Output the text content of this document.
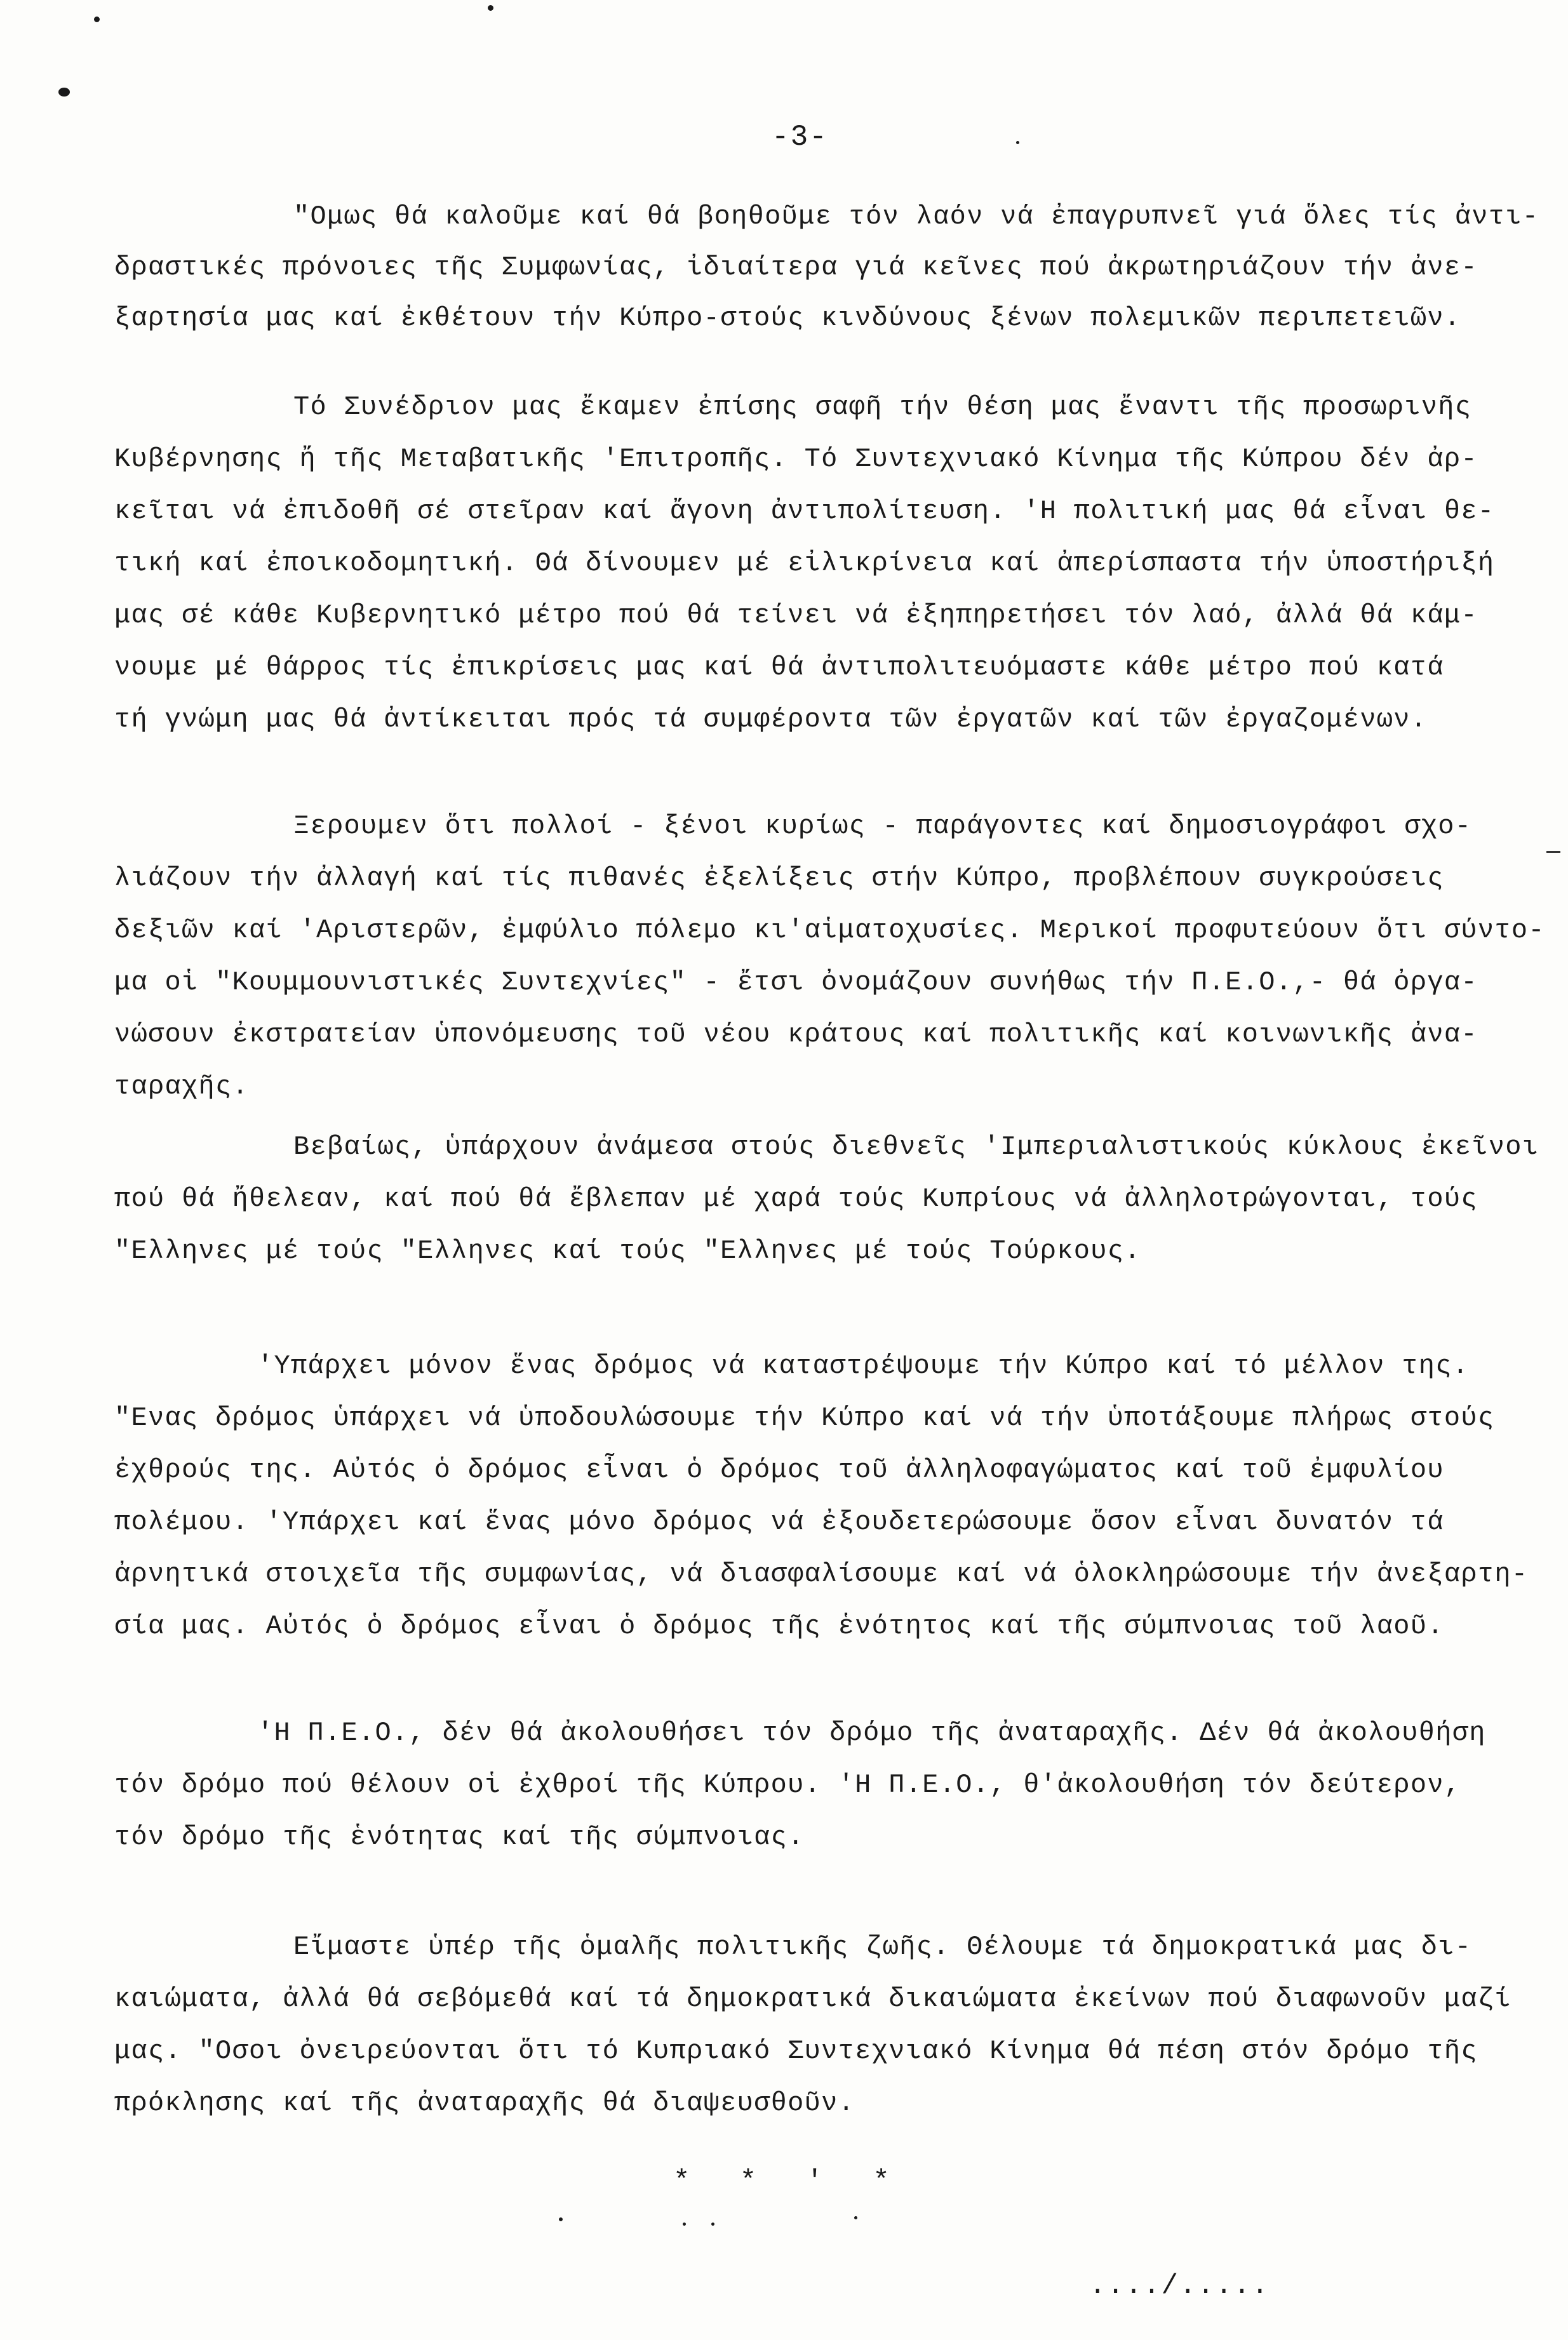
-3-
"Ομως θά καλοῦμε καί θά βοηθοῦμε τόν λαόν νά ἐπαγρυπνεῖ γιά ὅλες τίς ἀντι-
δραστικές πρόνοιες τῆς Συμφωνίας, ἰδιαίτερα γιά κεῖνες πού ἀκρωτηριάζουν τήν ἀνε-
ξαρτησία μας καί ἐκθέτουν τήν Κύπρο-στούς κινδύνους ξένων πολεμικῶν περιπετειῶν.
Τό Συνέδριον μας ἔκαμεν ἐπίσης σαφῆ τήν θέση μας ἔναντι τῆς προσωρινῆς
Κυβέρνησης ἤ τῆς Μεταβατικῆς 'Επιτροπῆς. Τό Συντεχνιακό Κίνημα τῆς Κύπρου δέν ἀρ-
κεῖται νά ἐπιδοθῆ σέ στεῖραν καί ἄγονη ἀντιπολίτευση. 'Η πολιτική μας θά εἶναι θε-
τική καί ἐποικοδομητική. Θά δίνουμεν μέ εἰλικρίνεια καί ἀπερίσπαστα τήν ὑποστήριξή
μας σέ κάθε Κυβερνητικό μέτρο πού θά τείνει νά ἐξηπηρετήσει τόν λαό, ἀλλά θά κάμ-
νουμε μέ θάρρος τίς ἐπικρίσεις μας καί θά ἀντιπολιτευόμαστε κάθε μέτρο πού κατά
τή γνώμη μας θά ἀντίκειται πρός τά συμφέροντα τῶν ἐργατῶν καί τῶν ἐργαζομένων.
Ξερουμεν ὅτι πολλοί - ξένοι κυρίως - παράγοντες καί δημοσιογράφοι σχο-
λιάζουν τήν ἀλλαγή καί τίς πιθανές ἐξελίξεις στήν Κύπρο, προβλέπουν συγκρούσεις
δεξιῶν καί 'Αριστερῶν, ἐμφύλιο πόλεμο κι'αἱματοχυσίες. Μερικοί προφυτεύουν ὅτι σύντο-
μα οἱ "Κουμμουνιστικές Συντεχνίες" - ἔτσι ὀνομάζουν συνήθως τήν Π.Ε.Ο.,- θά ὀργα-
νώσουν ἐκστρατείαν ὑπονόμευσης τοῦ νέου κράτους καί πολιτικῆς καί κοινωνικῆς ἀνα-
ταραχῆς.
Βεβαίως, ὑπάρχουν ἀνάμεσα στούς διεθνεῖς 'Ιμπεριαλιστικούς κύκλους ἐκεῖνοι
πού θά ἤθελεαν, καί πού θά ἔβλεπαν μέ χαρά τούς Κυπρίους νά ἀλληλοτρώγονται, τούς
"Ελληνες μέ τούς "Ελληνες καί τούς "Ελληνες μέ τούς Τούρκους.
'Υπάρχει μόνον ἕνας δρόμος νά καταστρέψουμε τήν Κύπρο καί τό μέλλον της.
"Ενας δρόμος ὑπάρχει νά ὑποδουλώσουμε τήν Κύπρο καί νά τήν ὑποτάξουμε πλήρως στούς
ἐχθρούς της. Αὐτός ὁ δρόμος εἶναι ὁ δρόμος τοῦ ἀλληλοφαγώματος καί τοῦ ἐμφυλίου
πολέμου. 'Υπάρχει καί ἕνας μόνο δρόμος νά ἐξουδετερώσουμε ὅσον εἶναι δυνατόν τά
ἀρνητικά στοιχεῖα τῆς συμφωνίας, νά διασφαλίσουμε καί νά ὁλοκληρώσουμε τήν ἀνεξαρτη-
σία μας. Αὐτός ὁ δρόμος εἶναι ὁ δρόμος τῆς ἑνότητος καί τῆς σύμπνοιας τοῦ λαοῦ.
'Η Π.Ε.Ο., δέν θά ἀκολουθήσει τόν δρόμο τῆς ἀναταραχῆς. Δέν θά ἀκολουθήση
τόν δρόμο πού θέλουν οἱ ἐχθροί τῆς Κύπρου. 'Η Π.Ε.Ο., θ'ἀκολουθήση τόν δεύτερον,
τόν δρόμο τῆς ἑνότητας καί τῆς σύμπνοιας.
Εἴμαστε ὑπέρ τῆς ὁμαλῆς πολιτικῆς ζωῆς. Θέλουμε τά δημοκρατικά μας δι-
καιώματα, ἀλλά θά σεβόμεθά καί τά δημοκρατικά δικαιώματα ἐκείνων πού διαφωνοῦν μαζί
μας. "Οσοι ὀνειρεύονται ὅτι τό Κυπριακό Συντεχνιακό Κίνημα θά πέση στόν δρόμο τῆς
πρόκλησης καί τῆς ἀναταραχῆς θά διαψευσθοῦν.
* * ' *
..../.....
